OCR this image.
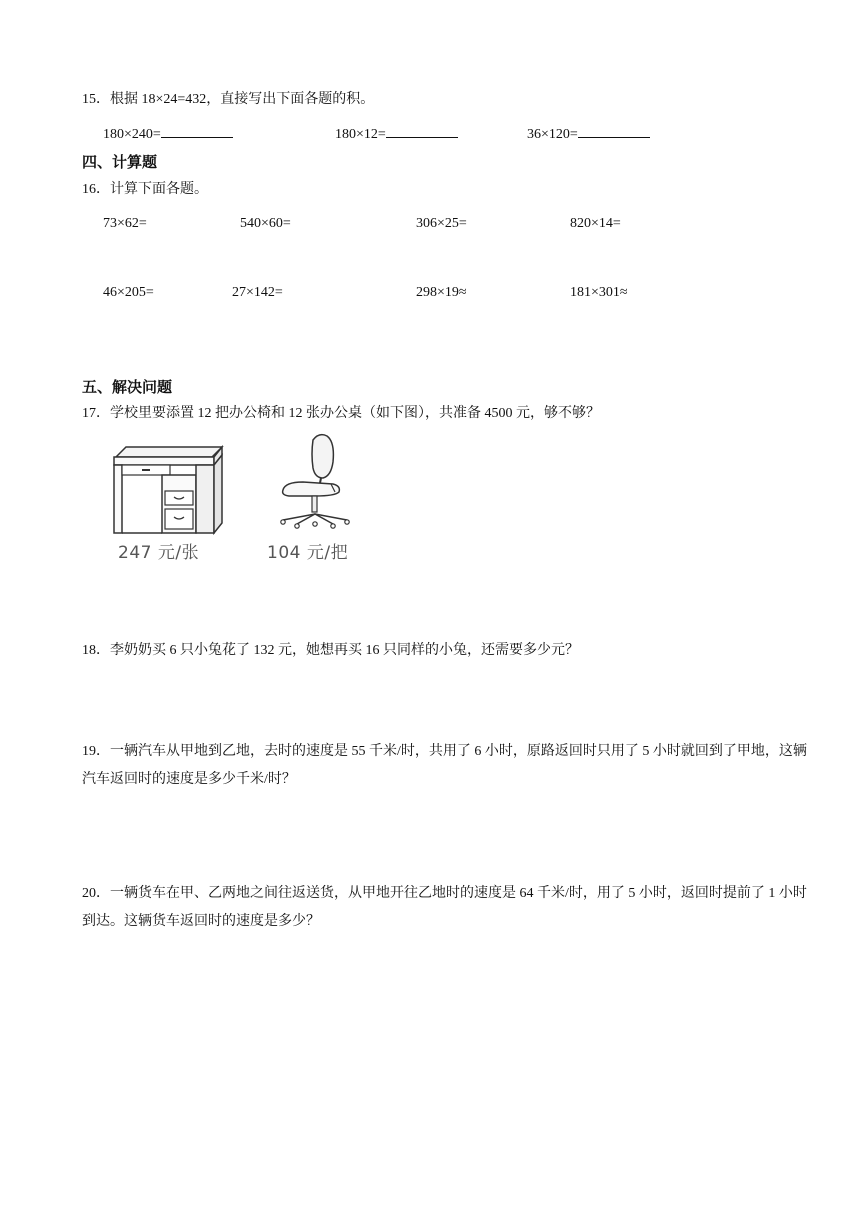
15．根据 18×24=432，直接写出下面各题的积。
180×240=	180×12=	36×120=
四、计算题
16．计算下面各题。
73×62=	540×60=	306×25=	820×14=
46×205=	27×142=	298×19≈	181×301≈
五、解决问题
17．学校里要添置 12 把办公椅和 12 张办公桌（如下图），共准备 4500 元，够不够？
247 元/张	104 元/把
18．李奶奶买 6 只小兔花了 132 元，她想再买 16 只同样的小兔，还需要多少元？
19．一辆汽车从甲地到乙地，去时的速度是 55 千米/时，共用了 6 小时，原路返回时只用了 5 小时就回到了甲地，这辆汽车返回时的速度是多少千米/时？
20．一辆货车在甲、乙两地之间往返送货，从甲地开往乙地时的速度是 64 千米/时，用了 5 小时，返回时提前了 1 小时到达。这辆货车返回时的速度是多少？
